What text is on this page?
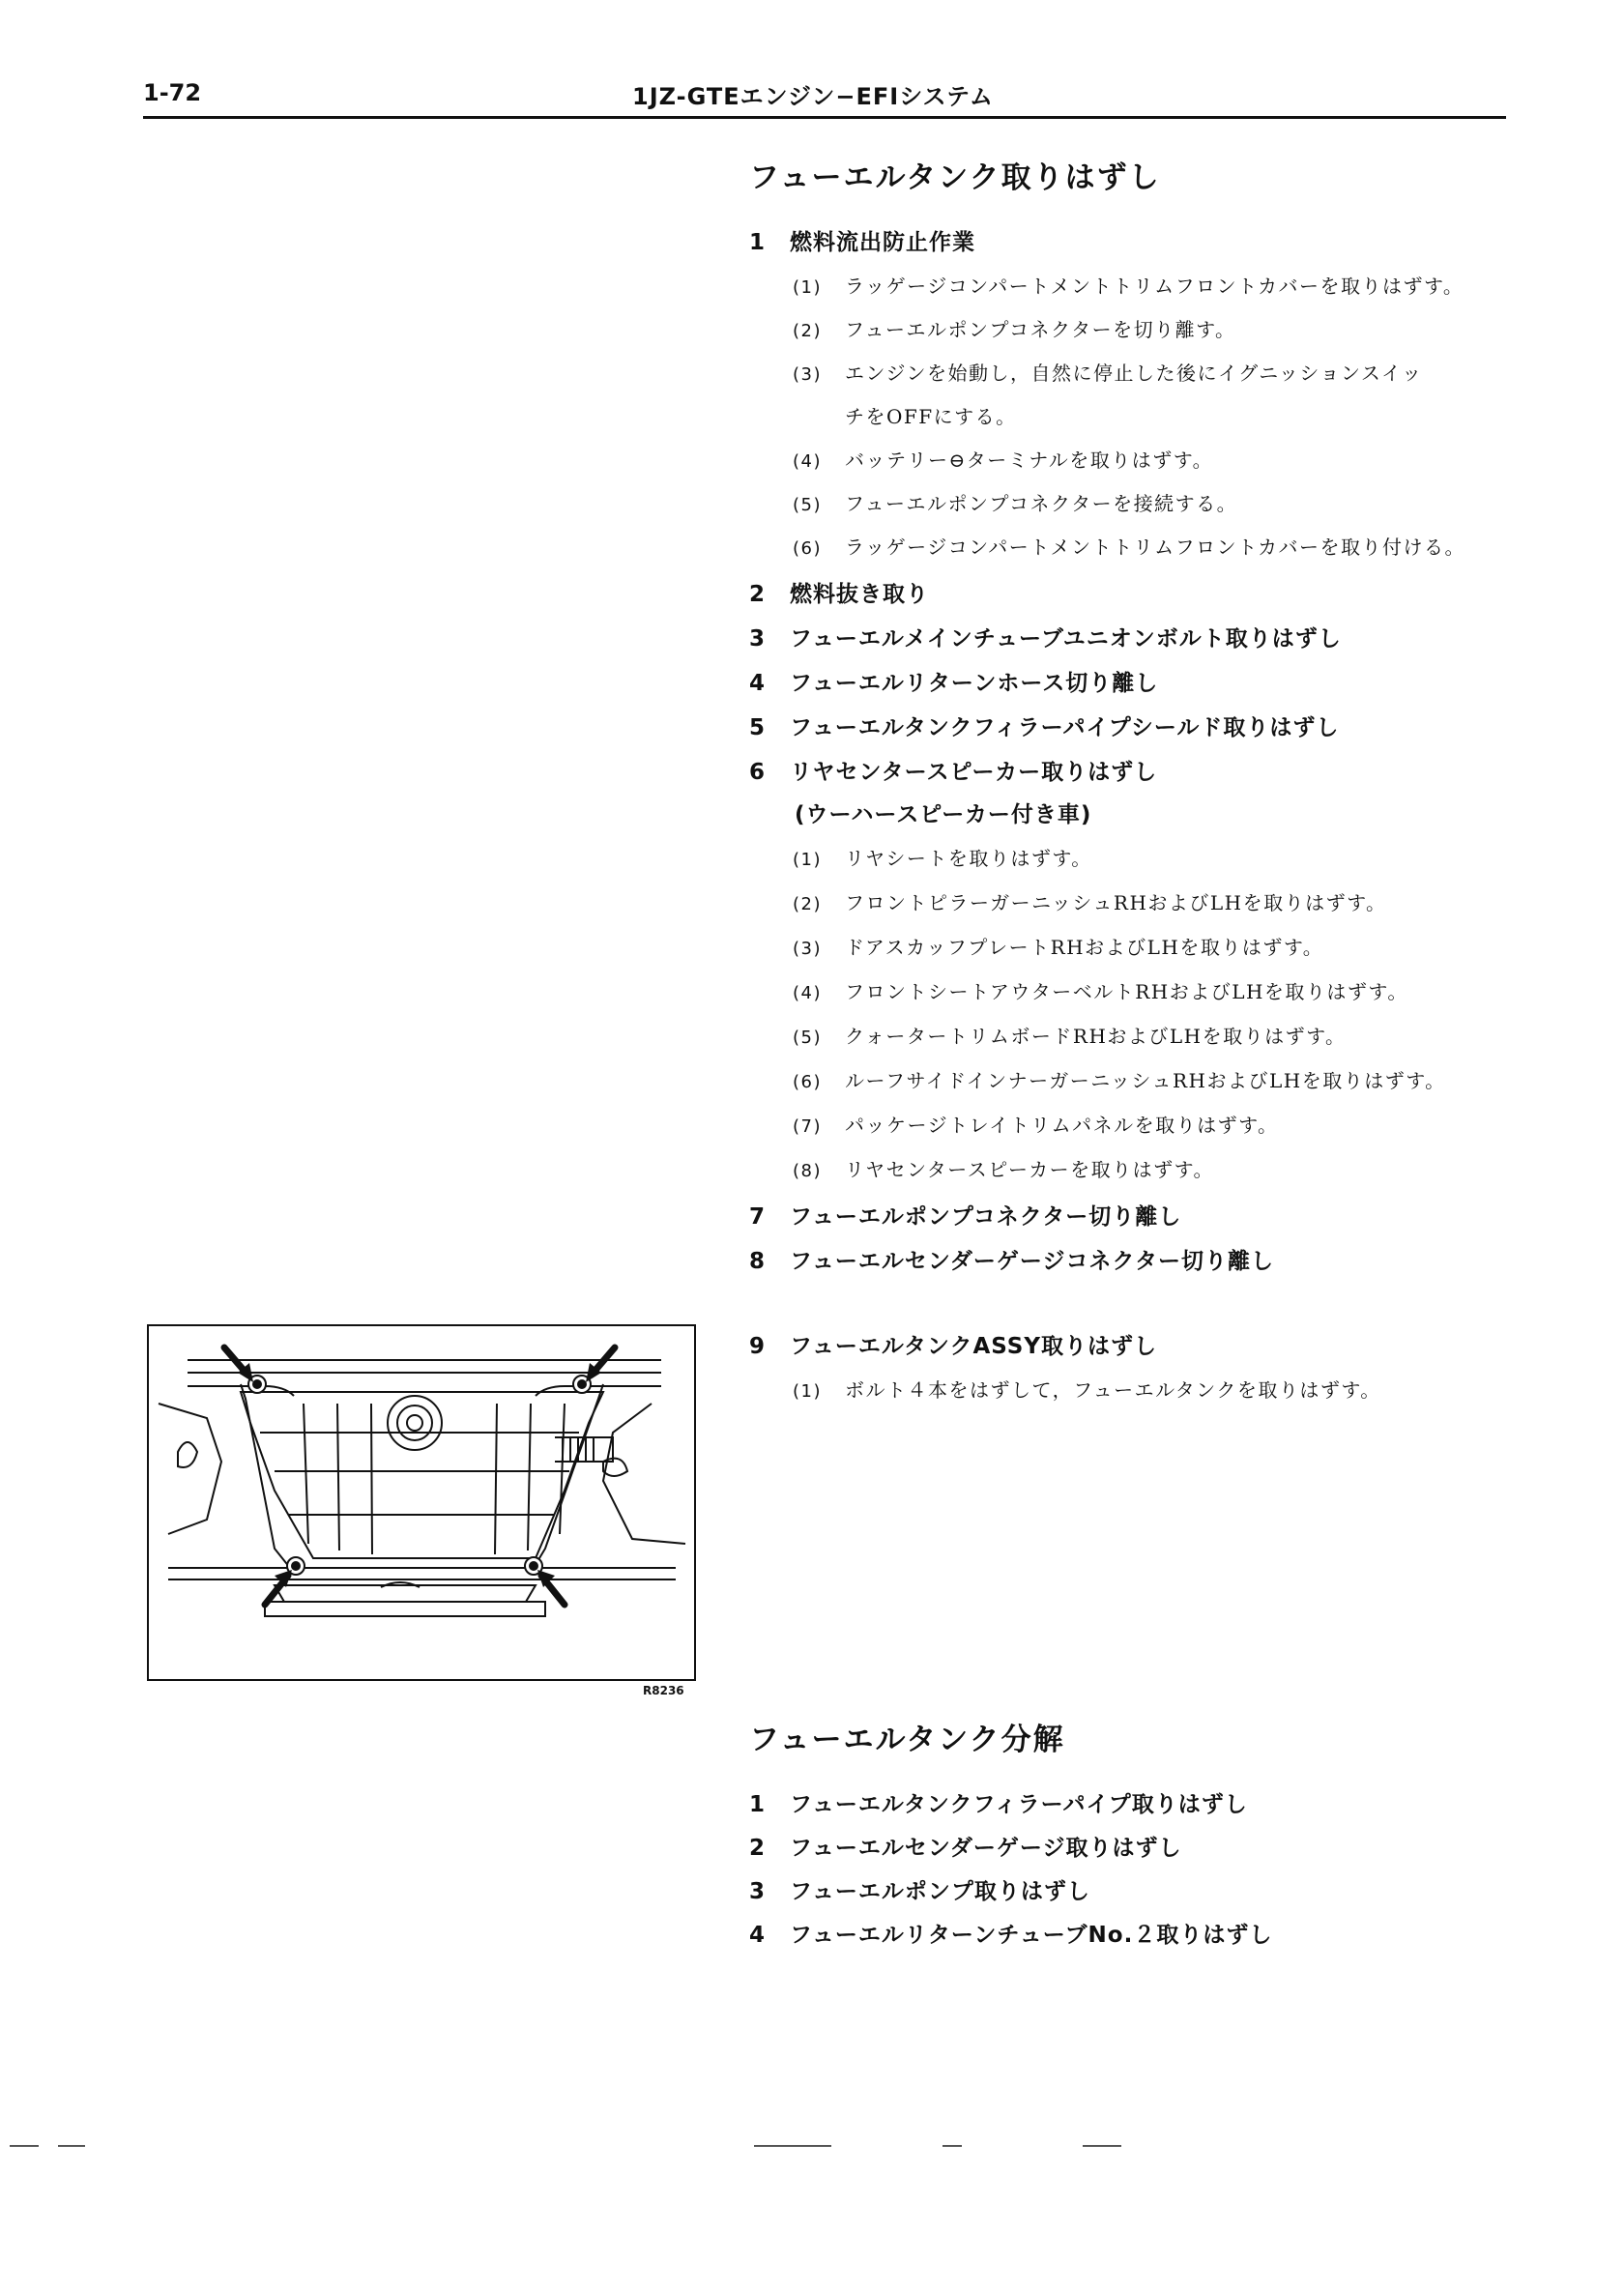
1-72	1JZ-GTEエンジン−EFIシステム
フューエルタンク取りはずし
1 燃料流出防止作業
(1) ラッゲージコンパートメントトリムフロントカバーを取りはずす。
(2) フューエルポンプコネクターを切り離す。
(3) エンジンを始動し，自然に停止した後にイグニッションスイッ
チをOFFにする。
(4) バッテリー⊖ターミナルを取りはずす。
(5) フューエルポンプコネクターを接続する。
(6) ラッゲージコンパートメントトリムフロントカバーを取り付ける。
2 燃料抜き取り
3 フューエルメインチューブユニオンボルト取りはずし
4 フューエルリターンホース切り離し
5 フューエルタンクフィラーパイプシールド取りはずし
6 リヤセンタースピーカー取りはずし
(ウーハースピーカー付き車)
(1) リヤシートを取りはずす。
(2) フロントピラーガーニッシュRHおよびLHを取りはずす。
(3) ドアスカッフプレートRHおよびLHを取りはずす。
(4) フロントシートアウターベルトRHおよびLHを取りはずす。
(5) クォータートリムボードRHおよびLHを取りはずす。
(6) ルーフサイドインナーガーニッシュRHおよびLHを取りはずす。
(7) パッケージトレイトリムパネルを取りはずす。
(8) リヤセンタースピーカーを取りはずす。
7 フューエルポンプコネクター切り離し
8 フューエルセンダーゲージコネクター切り離し
9 フューエルタンクASSY取りはずし
(1) ボルト４本をはずして，フューエルタンクを取りはずす。
R8236
フューエルタンク分解
1 フューエルタンクフィラーパイプ取りはずし
2 フューエルセンダーゲージ取りはずし
3 フューエルポンプ取りはずし
4 フューエルリターンチューブNo.２取りはずし
